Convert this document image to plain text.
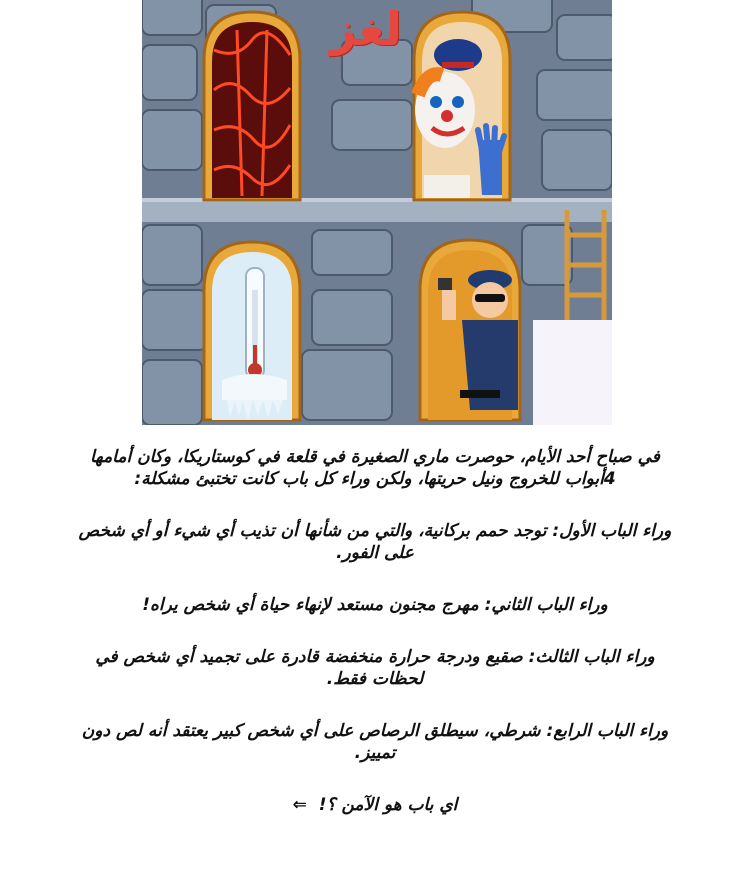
لغز

في صباح أحد الأيام، حوصرت ماري الصغيرة في قلعة في كوستاريكا، وكان أمامها 4أبواب للخروج ونيل حريتها، ولكن وراء كل باب كانت تختبئ مشكلة:

وراء الباب الأول: توجد حمم بركانية، والتي من شأنها أن تذيب أي شيء أو أي شخص على الفور.

وراء الباب الثاني: مهرج مجنون مستعد لإنهاء حياة أي شخص يراه!

وراء الباب الثالث: صقيع ودرجة حرارة منخفضة قادرة على تجميد أي شخص في لحظات فقط.

وراء الباب الرابع: شرطي، سيطلق الرصاص على أي شخص كبير يعتقد أنه لص دون تمييز.

اي باب هو الآمن ؟! ⇐
